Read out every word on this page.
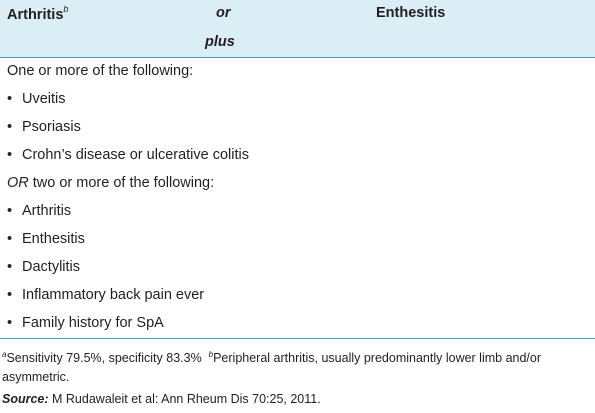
Arthritis$^b$	or	Enthesitis
plus
One or more of the following:
• Uveitis
• Psoriasis
• Crohn’s disease or ulcerative colitis
OR two or more of the following:
• Arthritis
• Enthesitis
• Dactylitis
• Inflammatory back pain ever
• Family history for SpA
$^a$Sensitivity 79.5%, specificity 83.3% $^b$Peripheral arthritis, usually predominantly lower limb and/or asymmetric.
Source: M Rudawaleit et al: Ann Rheum Dis 70:25, 2011.
